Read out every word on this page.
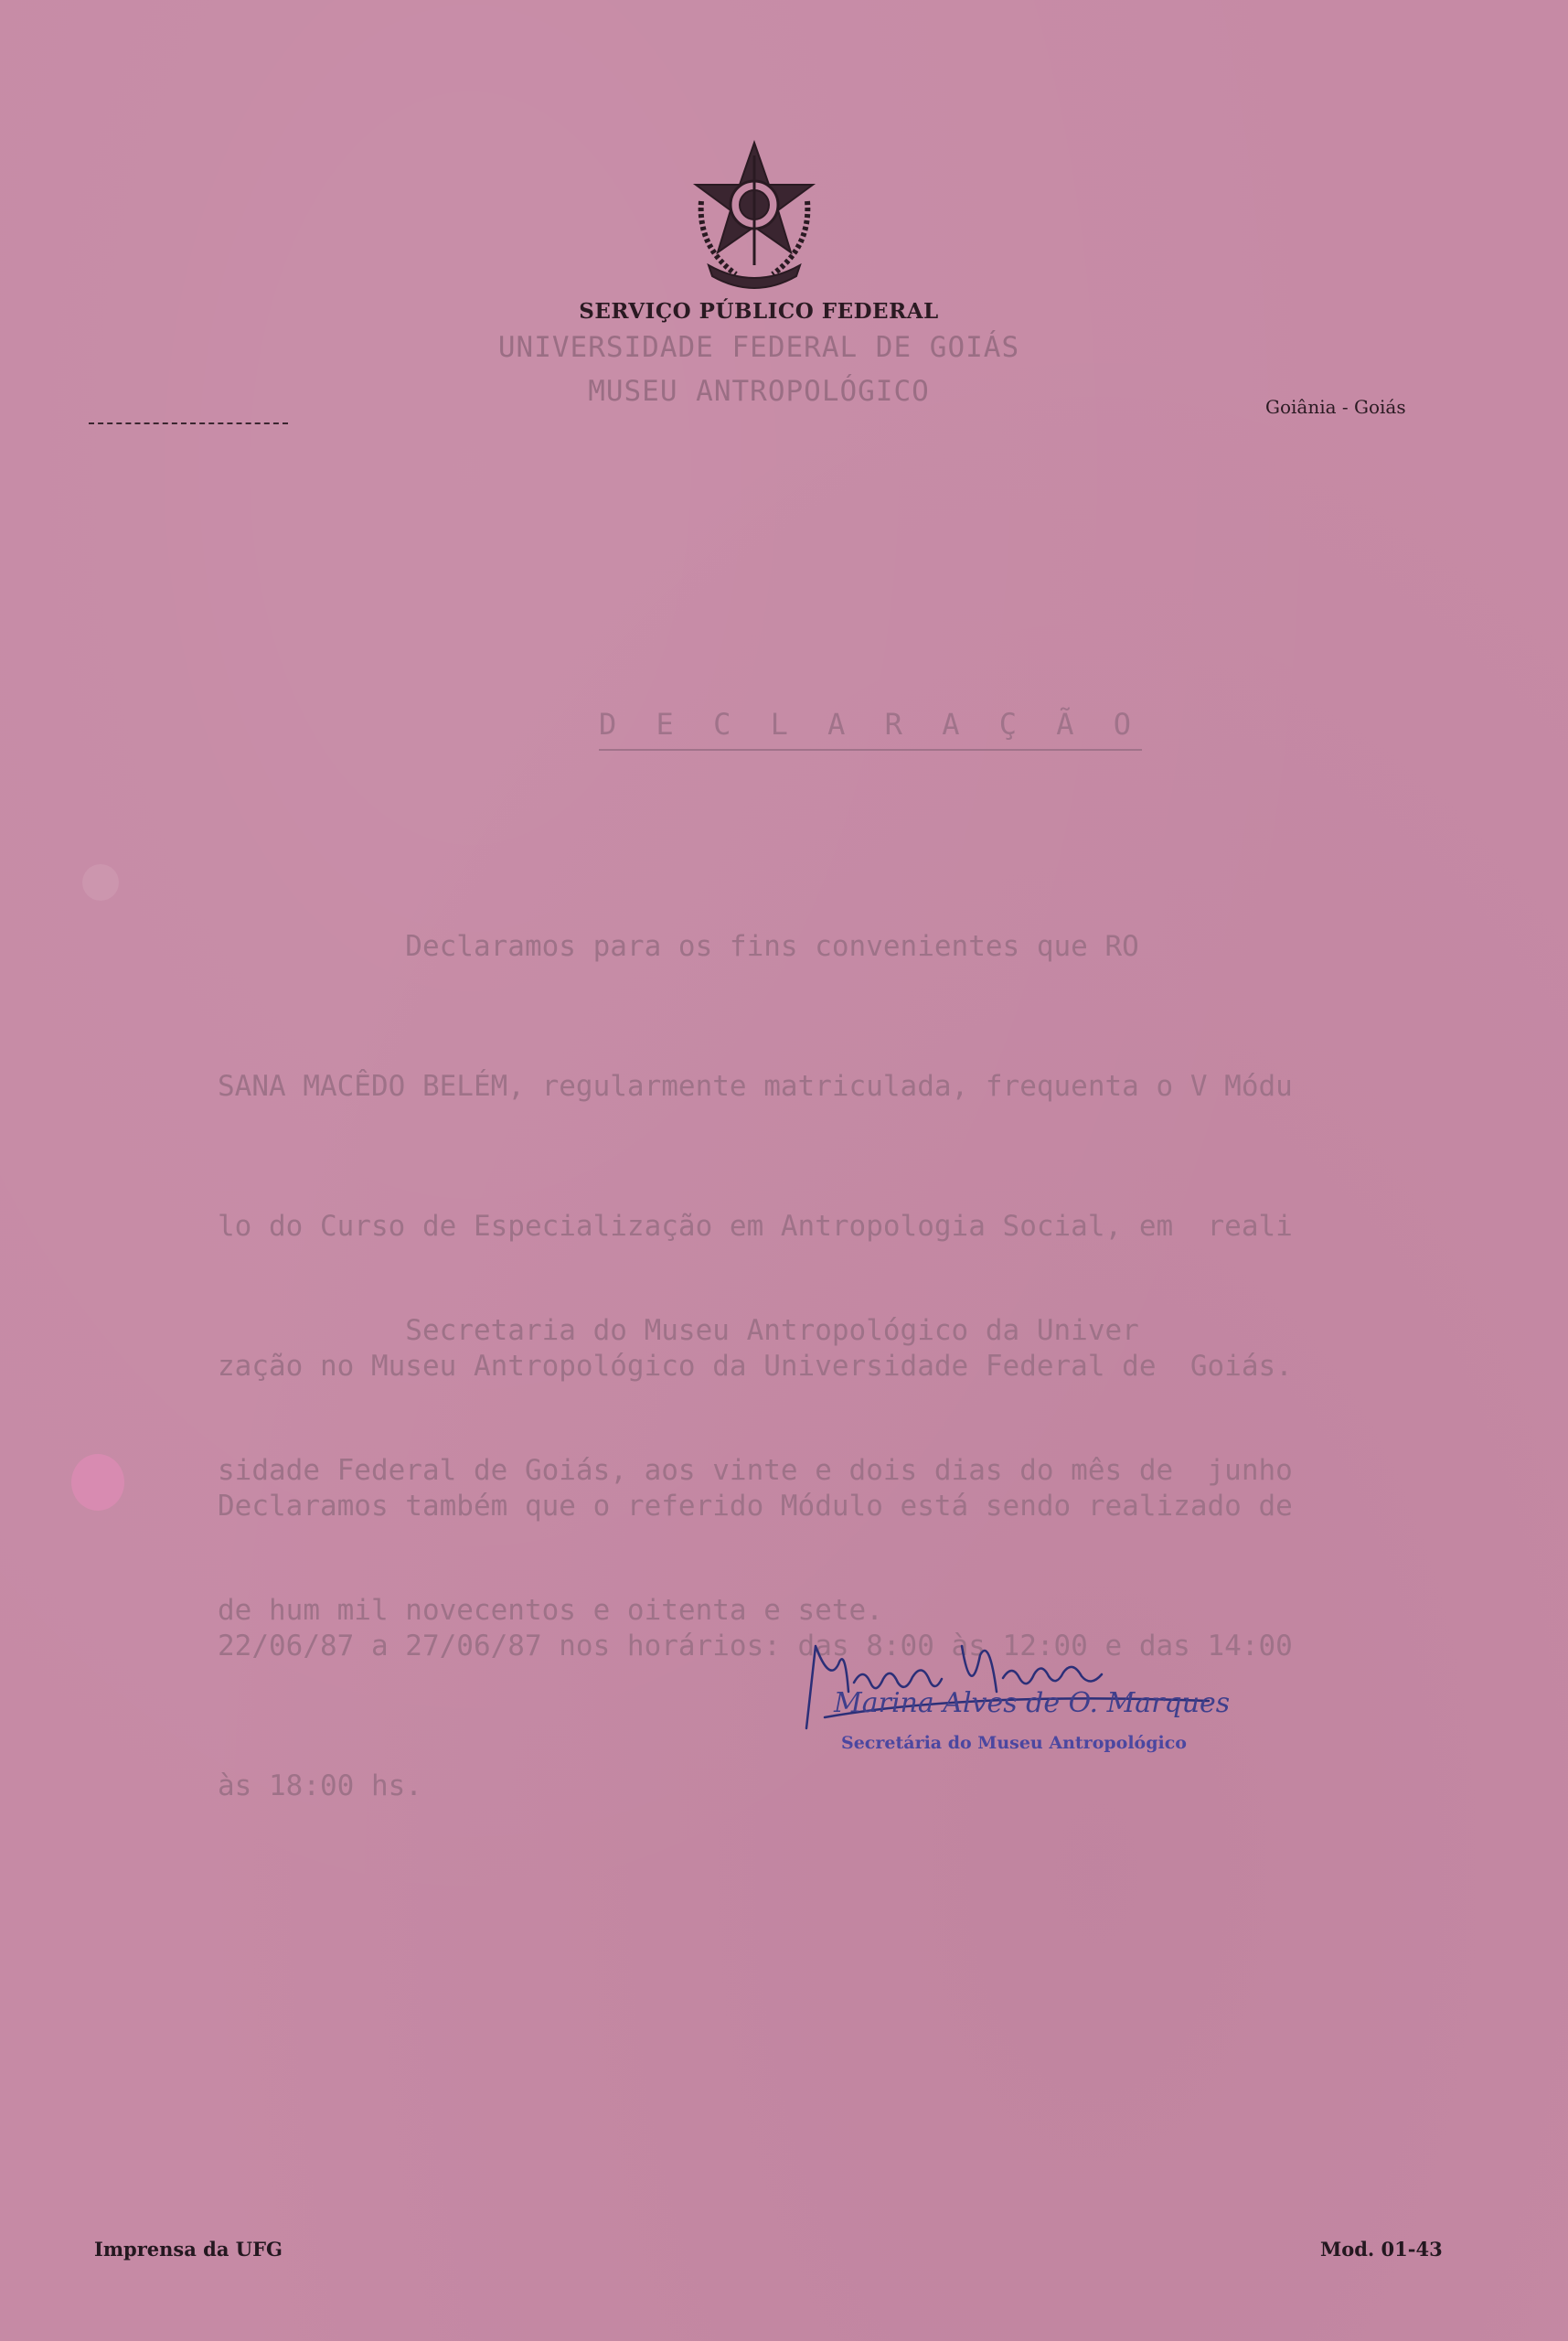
SERVIÇO PÚBLICO FEDERAL
UNIVERSIDADE FEDERAL DE GOIÁS
MUSEU ANTROPOLÓGICO	Goiânia - Goiás
D E C L A R A Ç Ã O

Declaramos para os fins convenientes que RO

SANA MACÊDO BELÉM, regularmente matriculada, frequenta o V Módu

lo do Curso de Especialização em Antropologia Social, em  reali

zação no Museu Antropológico da Universidade Federal de  Goiás.

Declaramos também que o referido Módulo está sendo realizado de

22/06/87 a 27/06/87 nos horários: das 8:00 às 12:00 e das 14:00

às 18:00 hs.

Secretaria do Museu Antropológico da Univer

sidade Federal de Goiás, aos vinte e dois dias do mês de  junho

de hum mil novecentos e oitenta e sete.

Marina Alves de O. Marques
Secretária do Museu Antropológico
Imprensa da UFG	Mod. 01-43
